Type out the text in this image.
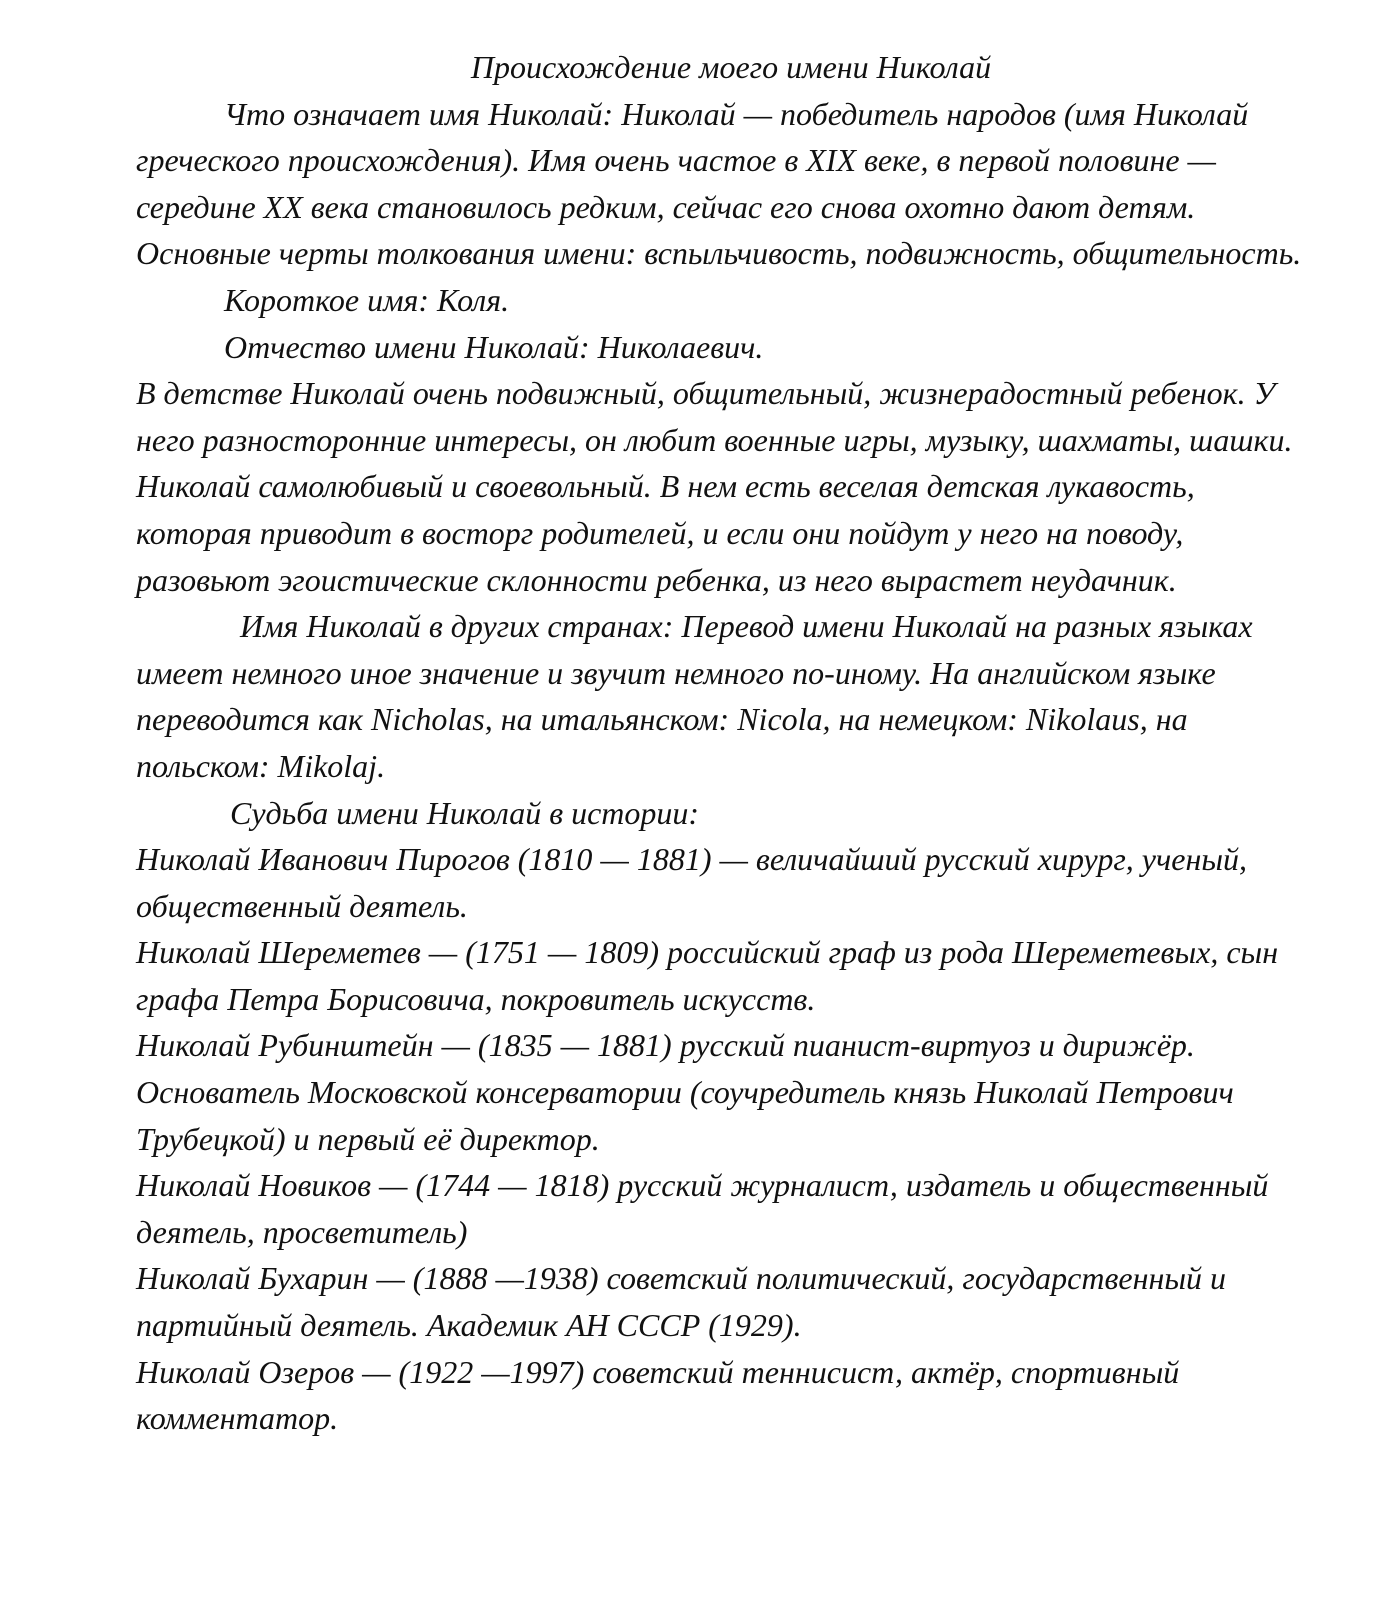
Происхождение моего имени Николай

Что означает имя Николай: Николай — победитель народов (имя Николай греческого происхождения). Имя очень частое в XIX веке, в первой половине —середине XX века становилось редким, сейчас его снова охотно дают детям. Основные черты толкования имени: вспыльчивость, подвижность, общительность.

Короткое имя: Коля.

Отчество имени Николай: Николаевич.

В детстве Николай очень подвижный, общительный, жизнерадостный ребенок. У него разносторонние интересы, он любит военные игры, музыку, шахматы, шашки. Николай самолюбивый и своевольный. В нем есть веселая детская лукавость, которая приводит в восторг родителей, и если они пойдут у него на поводу, разовьют эгоистические склонности ребенка, из него вырастет неудачник.

Имя Николай в других странах: Перевод имени Николай на разных языках имеет немного иное значение и звучит немного по-иному. На английском языке переводится как Nicholas, на итальянском: Nicola, на немецком: Nikolaus, на польском: Mikolaj.

Судьба имени Николай в истории:

Николай Иванович Пирогов (1810 — 1881) — величайший русский хирург, ученый, общественный деятель.

Николай Шереметев — (1751 — 1809) российский граф из рода Шереметевых, сын графа Петра Борисовича, покровитель искусств.

Николай Рубинштейн — (1835 — 1881) русский пианист-виртуоз и дирижёр. Основатель Московской консерватории (соучредитель князь Николай Петрович Трубецкой) и первый её директор.

Николай Новиков — (1744 — 1818) русский журналист, издатель и общественный деятель, просветитель)

Николай Бухарин — (1888 —1938) советский политический, государственный и партийный деятель. Академик АН СССР (1929).

Николай Озеров — (1922 —1997) советский теннисист, актёр, спортивный комментатор.
